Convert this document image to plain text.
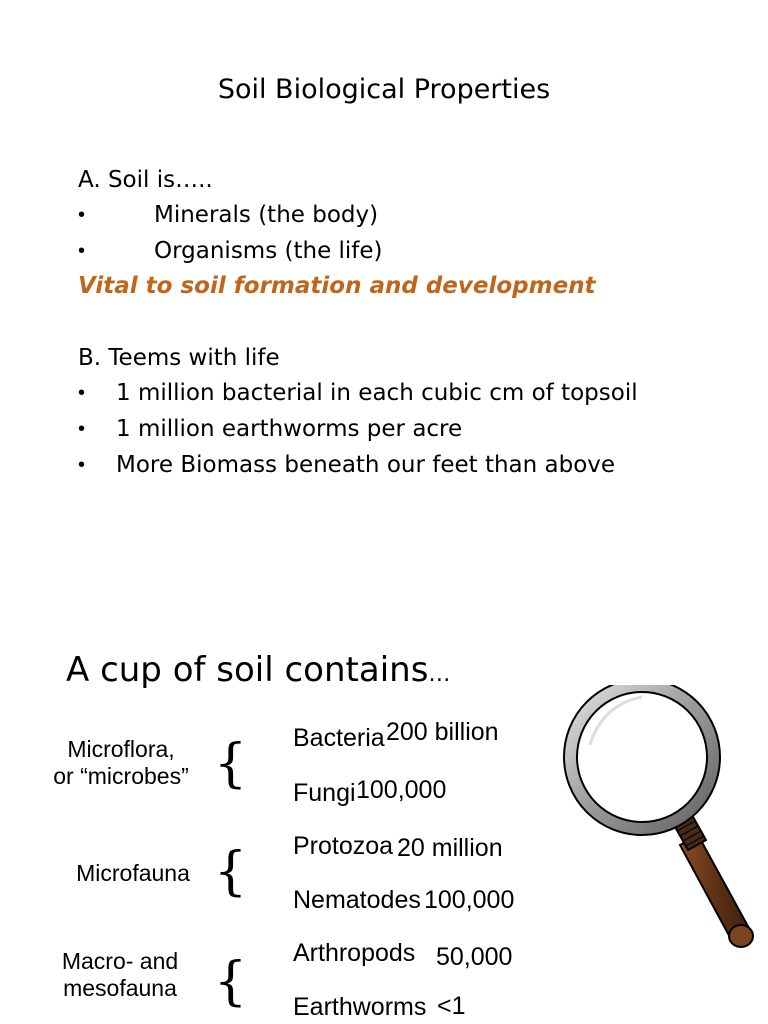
Soil Biological Properties
A. Soil is…..
•	Minerals (the body)
•	Organisms (the life)
Vital to soil formation and development
B. Teems with life
• 1 million bacterial in each cubic cm of topsoil
• 1 million earthworms per acre
• More Biomass beneath our feet than above
A cup of soil contains…
Microflora,
or “microbes”
Microfauna
Macro- and
mesofauna
{
{
{
Bacteria 200 billion
Fungi 100,000
Protozoa 20 million
Nematodes 100,000
Arthropods 50,000
Earthworms <1
